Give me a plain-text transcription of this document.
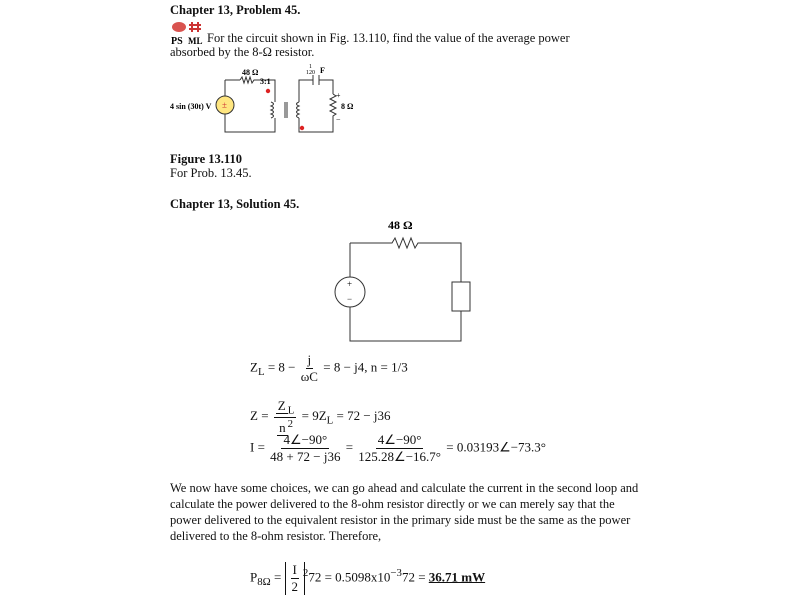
Chapter 13, Problem 45.
PS ML For the circuit shown in Fig. 13.110, find the value of the average power
absorbed by the 8-Ω resistor.
±
48 Ω
3:1
1
120 F
4 sin (30t) V	8 Ω
+
−
Figure 13.110
For Prob. 13.45.
Chapter 13, Solution 45.
48 Ω
+
−
$Z_L = 8 - \frac{j}{\omega C} = 8 - j4$, n = 1/3
$Z = \frac{Z _L}{n ^2} = 9Z_L = 72 - j36$
$I = \frac{4\angle-90^\circ}{48 + 72 - j36} = \frac{4\angle-90^\circ}{125.28\angle-16.7^\circ}$ = 0.03193∠−73.3°
We now have some choices, we can go ahead and calculate the current in the second loop and calculate the power delivered to the 8-ohm resistor directly or we can merely say that the power delivered to the equivalent resistor in the primary side must be the same as the power delivered to the 8-ohm resistor. Therefore,
$P_{8\Omega} = \frac{I}{2} ^272 = 0.5098x10^{-3}72 = 36.71$ mW
